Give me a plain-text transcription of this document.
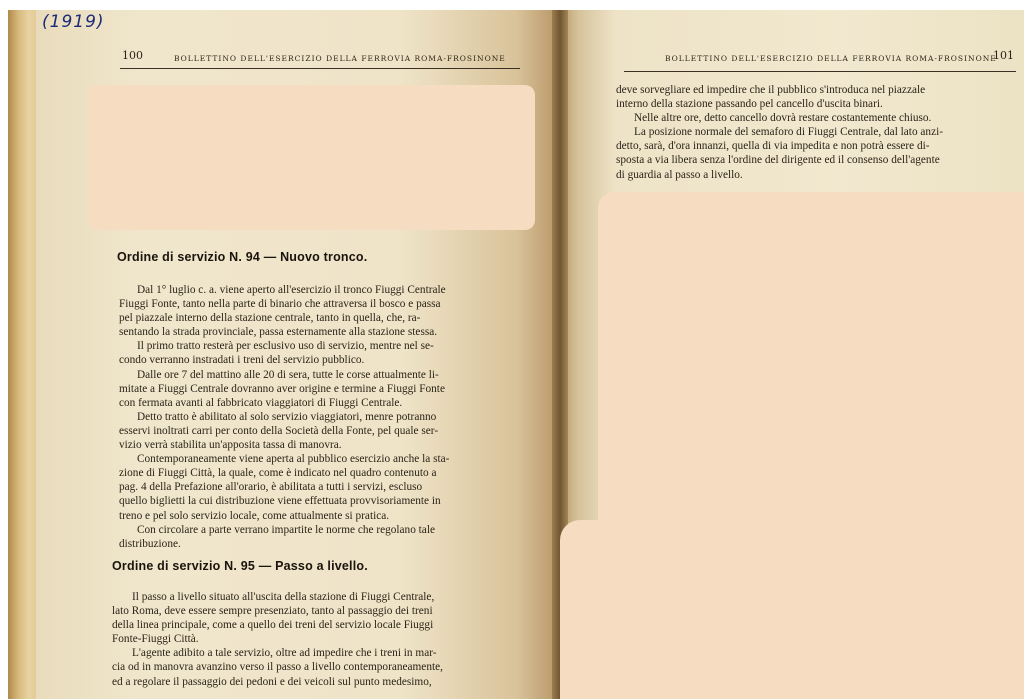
(1919)
100	BOLLETTINO DELL'ESERCIZIO DELLA FERROVIA ROMA-FROSINONE
Ordine di servizio N. 94 — Nuovo tronco.
Dal 1° luglio c. a. viene aperto all'esercizio il tronco Fiuggi Centrale
Fiuggi Fonte, tanto nella parte di binario che attraversa il bosco e passa
pel piazzale interno della stazione centrale, tanto in quella, che, ra-
sentando la strada provinciale, passa esternamente alla stazione stessa.
Il primo tratto resterà per esclusivo uso di servizio, mentre nel se-
condo verranno instradati i treni del servizio pubblico.
Dalle ore 7 del mattino alle 20 di sera, tutte le corse attualmente li-
mitate a Fiuggi Centrale dovranno aver origine e termine a Fiuggi Fonte
con fermata avanti al fabbricato viaggiatori di Fiuggi Centrale.
Detto tratto è abilitato al solo servizio viaggiatori, menre potranno
esservi inoltrati carri per conto della Società della Fonte, pel quale ser-
vizio verrà stabilita un'apposita tassa di manovra.
Contemporaneamente viene aperta al pubblico esercizio anche la sta-
zione di Fiuggi Città, la quale, come è indicato nel quadro contenuto a
pag. 4 della Prefazione all'orario, è abilitata a tutti i servizi, escluso
quello biglietti la cui distribuzione viene effettuata provvisoriamente in
treno e pel solo servizio locale, come attualmente si pratica.
Con circolare a parte verrano impartite le norme che regolano tale
distribuzione.
Ordine di servizio N. 95 — Passo a livello.
Il passo a livello situato all'uscita della stazione di Fiuggi Centrale,
lato Roma, deve essere sempre presenziato, tanto al passaggio dei treni
della linea principale, come a quello dei treni del servizio locale Fiuggi
Fonte-Fiuggi Città.
L'agente adibito a tale servizio, oltre ad impedire che i treni in mar-
cia od in manovra avanzino verso il passo a livello contemporaneamente,
ed a regolare il passaggio dei pedoni e dei veicoli sul punto medesimo,
BOLLETTINO DELL'ESERCIZIO DELLA FERROVIA ROMA-FROSINONE
101
deve sorvegliare ed impedire che il pubblico s'introduca nel piazzale
interno della stazione passando pel cancello d'uscita binari.
Nelle altre ore, detto cancello dovrà restare costantemente chiuso.
La posizione normale del semaforo di Fiuggi Centrale, dal lato anzi-
detto, sarà, d'ora innanzi, quella di via impedita e non potrà essere di-
sposta a via libera senza l'ordine del dirigente ed il consenso dell'agente
di guardia al passo a livello.
